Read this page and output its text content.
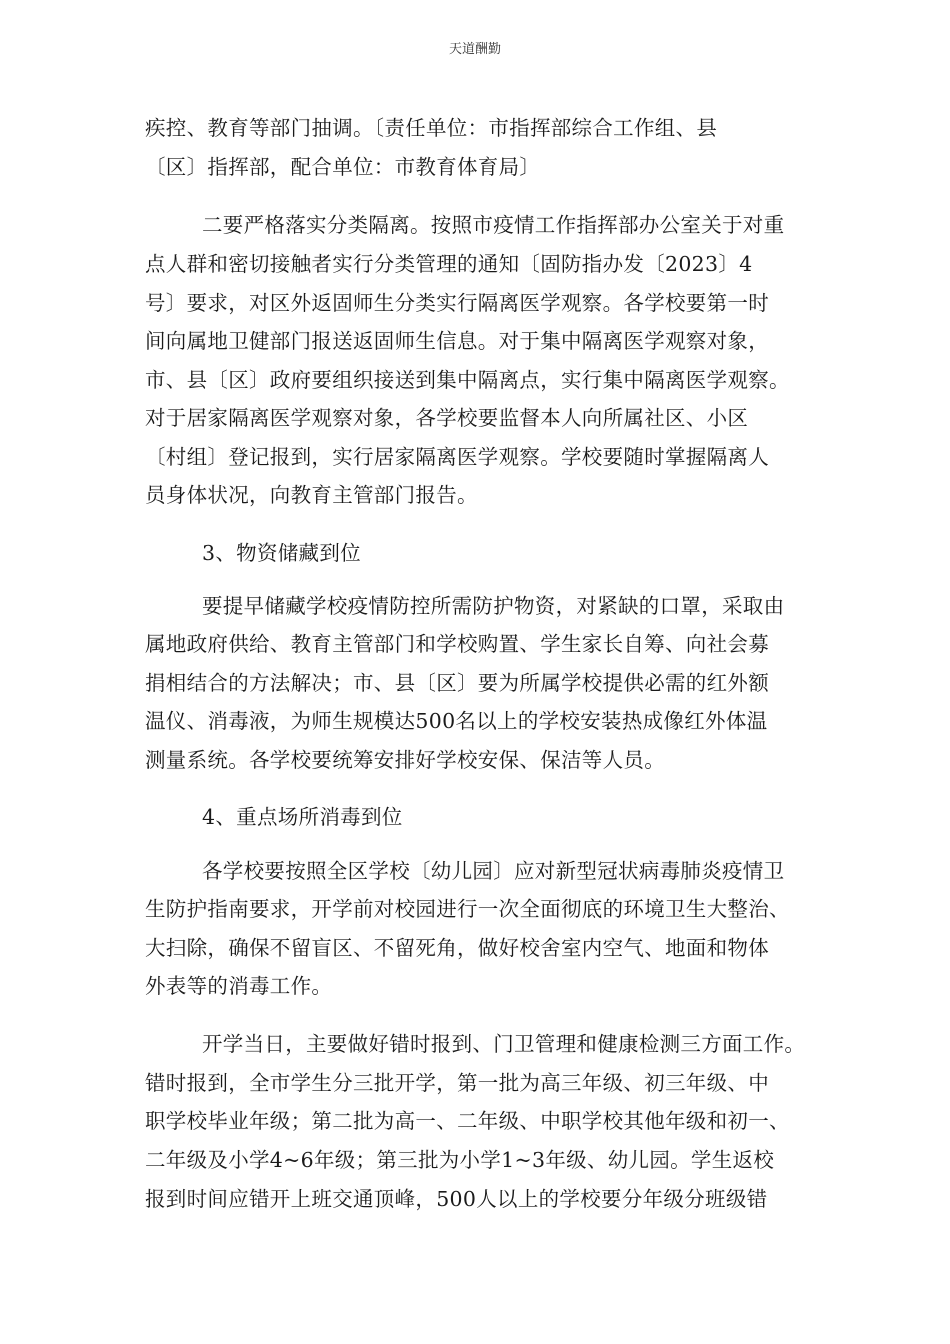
天道酬勤
疾控、教育等部门抽调。〔责任单位：市指挥部综合工作组、县
〔区〕指挥部，配合单位：市教育体育局〕
二要严格落实分类隔离。按照市疫情工作指挥部办公室关于对重
点人群和密切接触者实行分类管理的通知〔固防指办发〔2023〕4
号〕要求，对区外返固师生分类实行隔离医学观察。各学校要第一时
间向属地卫健部门报送返固师生信息。对于集中隔离医学观察对象，
市、县〔区〕政府要组织接送到集中隔离点，实行集中隔离医学观察。
对于居家隔离医学观察对象，各学校要监督本人向所属社区、小区
〔村组〕登记报到，实行居家隔离医学观察。学校要随时掌握隔离人
员身体状况，向教育主管部门报告。
3、物资储藏到位
要提早储藏学校疫情防控所需防护物资，对紧缺的口罩，采取由
属地政府供给、教育主管部门和学校购置、学生家长自筹、向社会募
捐相结合的方法解决；市、县〔区〕要为所属学校提供必需的红外额
温仪、消毒液，为师生规模达500名以上的学校安装热成像红外体温
测量系统。各学校要统筹安排好学校安保、保洁等人员。
4、重点场所消毒到位
各学校要按照全区学校〔幼儿园〕应对新型冠状病毒肺炎疫情卫
生防护指南要求，开学前对校园进行一次全面彻底的环境卫生大整治、
大扫除，确保不留盲区、不留死角，做好校舍室内空气、地面和物体
外表等的消毒工作。
开学当日，主要做好错时报到、门卫管理和健康检测三方面工作。
错时报到，全市学生分三批开学，第一批为高三年级、初三年级、中
职学校毕业年级；第二批为高一、二年级、中职学校其他年级和初一、
二年级及小学4~6年级；第三批为小学1~3年级、幼儿园。学生返校
报到时间应错开上班交通顶峰，500人以上的学校要分年级分班级错
